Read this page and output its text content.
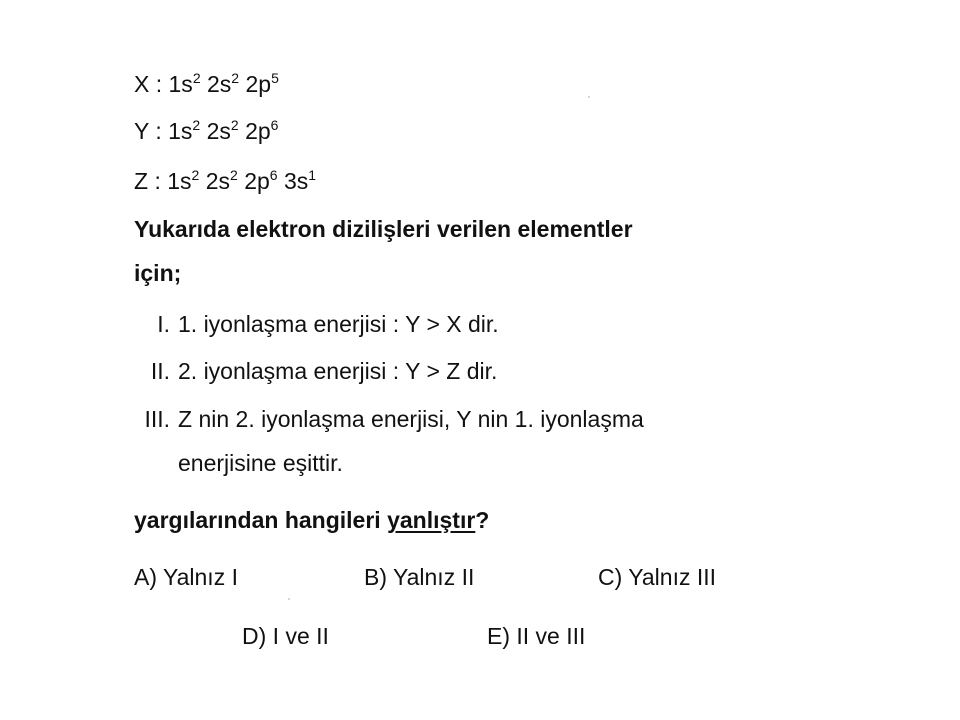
X : $1s^2$ $2s^2$ $2p^5$
Y : $1s^2$ $2s^2$ $2p^6$
Z : $1s^2$ $2s^2$ $2p^6$ $3s^1$
Yukarıda elektron dizilişleri verilen elementler
için;
I. 1. iyonlaşma enerjisi : Y > X dir.
II. 2. iyonlaşma enerjisi : Y > Z dir.
III. Z nin 2. iyonlaşma enerjisi, Y nin 1. iyonlaşma
enerjisine eşittir.
yargılarından hangileri yanlıştır?
A) Yalnız I	B) Yalnız II	C) Yalnız III
D) I ve II	E) II ve III
